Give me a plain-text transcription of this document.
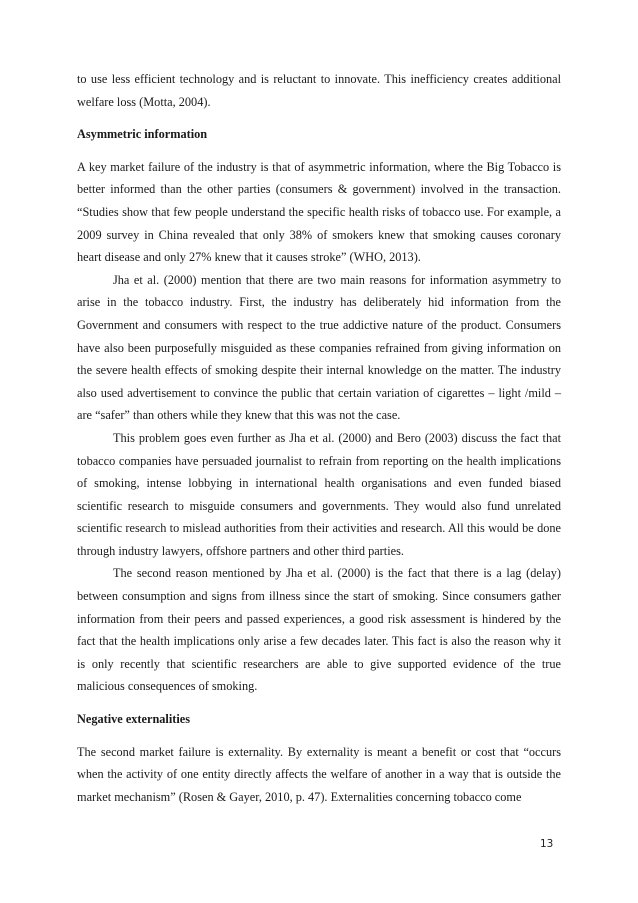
to use less efficient technology and is reluctant to innovate. This inefficiency creates additional welfare loss (Motta, 2004).

Asymmetric information

A key market failure of the industry is that of asymmetric information, where the Big Tobacco is better informed than the other parties (consumers & government) involved in the transaction. “Studies show that few people understand the specific health risks of tobacco use. For example, a 2009 survey in China revealed that only 38% of smokers knew that smoking causes coronary heart disease and only 27% knew that it causes stroke” (WHO, 2013).

Jha et al. (2000) mention that there are two main reasons for information asymmetry to arise in the tobacco industry. First, the industry has deliberately hid information from the Government and consumers with respect to the true addictive nature of the product. Consumers have also been purposefully misguided as these companies refrained from giving information on the severe health effects of smoking despite their internal knowledge on the matter. The industry also used advertisement to convince the public that certain variation of cigarettes – light /mild – are “safer” than others while they knew that this was not the case.

This problem goes even further as Jha et al. (2000) and Bero (2003) discuss the fact that tobacco companies have persuaded journalist to refrain from reporting on the health implications of smoking, intense lobbying in international health organisations and even funded biased scientific research to misguide consumers and governments. They would also fund unrelated scientific research to mislead authorities from their activities and research. All this would be done through industry lawyers, offshore partners and other third parties.

The second reason mentioned by Jha et al. (2000) is the fact that there is a lag (delay) between consumption and signs from illness since the start of smoking. Since consumers gather information from their peers and passed experiences, a good risk assessment is hindered by the fact that the health implications only arise a few decades later. This fact is also the reason why it is only recently that scientific researchers are able to give supported evidence of the true malicious consequences of smoking.

Negative externalities

The second market failure is externality. By externality is meant a benefit or cost that “occurs when the activity of one entity directly affects the welfare of another in a way that is outside the market mechanism” (Rosen & Gayer, 2010, p. 47). Externalities concerning tobacco come

13
